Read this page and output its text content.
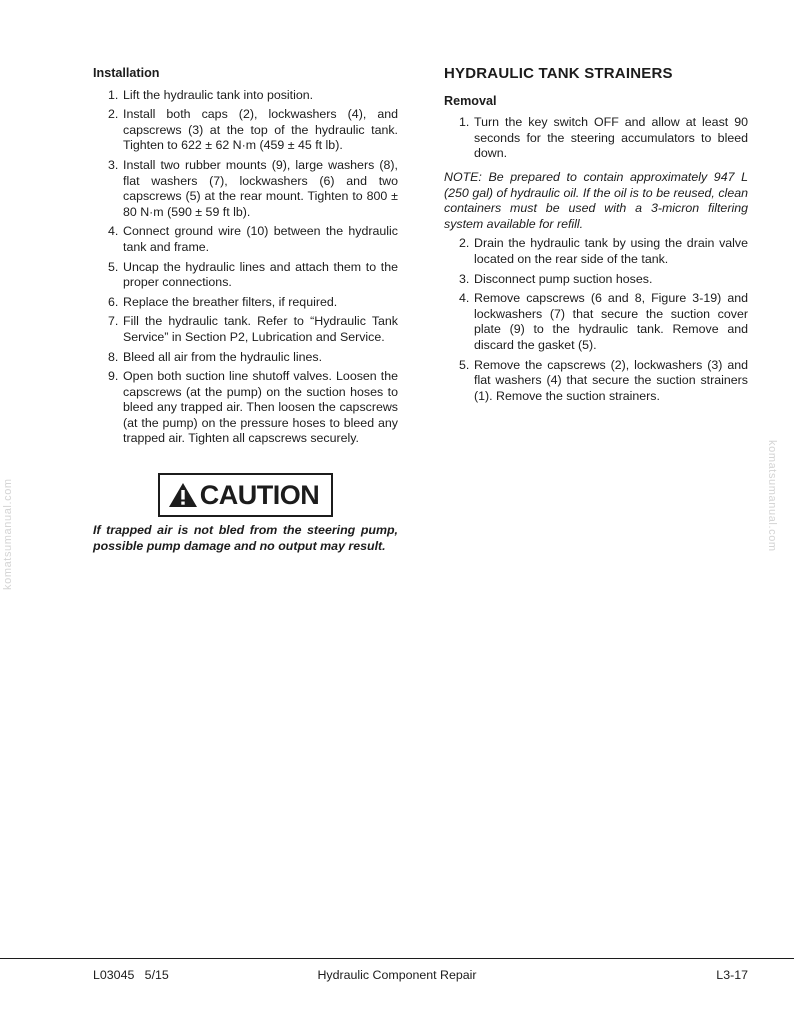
Installation
1. Lift the hydraulic tank into position.
2. Install both caps (2), lockwashers (4), and capscrews (3) at the top of the hydraulic tank. Tighten to 622 ± 62 N·m (459 ± 45 ft lb).
3. Install two rubber mounts (9), large washers (8), flat washers (7), lockwashers (6) and two capscrews (5) at the rear mount. Tighten to 800 ± 80 N·m (590 ± 59 ft lb).
4. Connect ground wire (10) between the hydraulic tank and frame.
5. Uncap the hydraulic lines and attach them to the proper connections.
6. Replace the breather filters, if required.
7. Fill the hydraulic tank. Refer to “Hydraulic Tank Service” in Section P2, Lubrication and Service.
8. Bleed all air from the hydraulic lines.
9. Open both suction line shutoff valves. Loosen the capscrews (at the pump) on the suction hoses to bleed any trapped air. Then loosen the capscrews (at the pump) on the pressure hoses to bleed any trapped air. Tighten all capscrews securely.
CAUTION
If trapped air is not bled from the steering pump, possible pump damage and no output may result.
HYDRAULIC TANK STRAINERS
Removal
1. Turn the key switch OFF and allow at least 90 seconds for the steering accumulators to bleed down.
NOTE: Be prepared to contain approximately 947 L (250 gal) of hydraulic oil. If the oil is to be reused, clean containers must be used with a 3-micron filtering system available for refill.
2. Drain the hydraulic tank by using the drain valve located on the rear side of the tank.
3. Disconnect pump suction hoses.
4. Remove capscrews (6 and 8, Figure 3-19) and lockwashers (7) that secure the suction cover plate (9) to the hydraulic tank. Remove and discard the gasket (5).
5. Remove the capscrews (2), lockwashers (3) and flat washers (4) that secure the suction strainers (1). Remove the suction strainers.
komatsumanual.com	komatsumanual.com
L03045   5/15	Hydraulic Component Repair	L3-17
